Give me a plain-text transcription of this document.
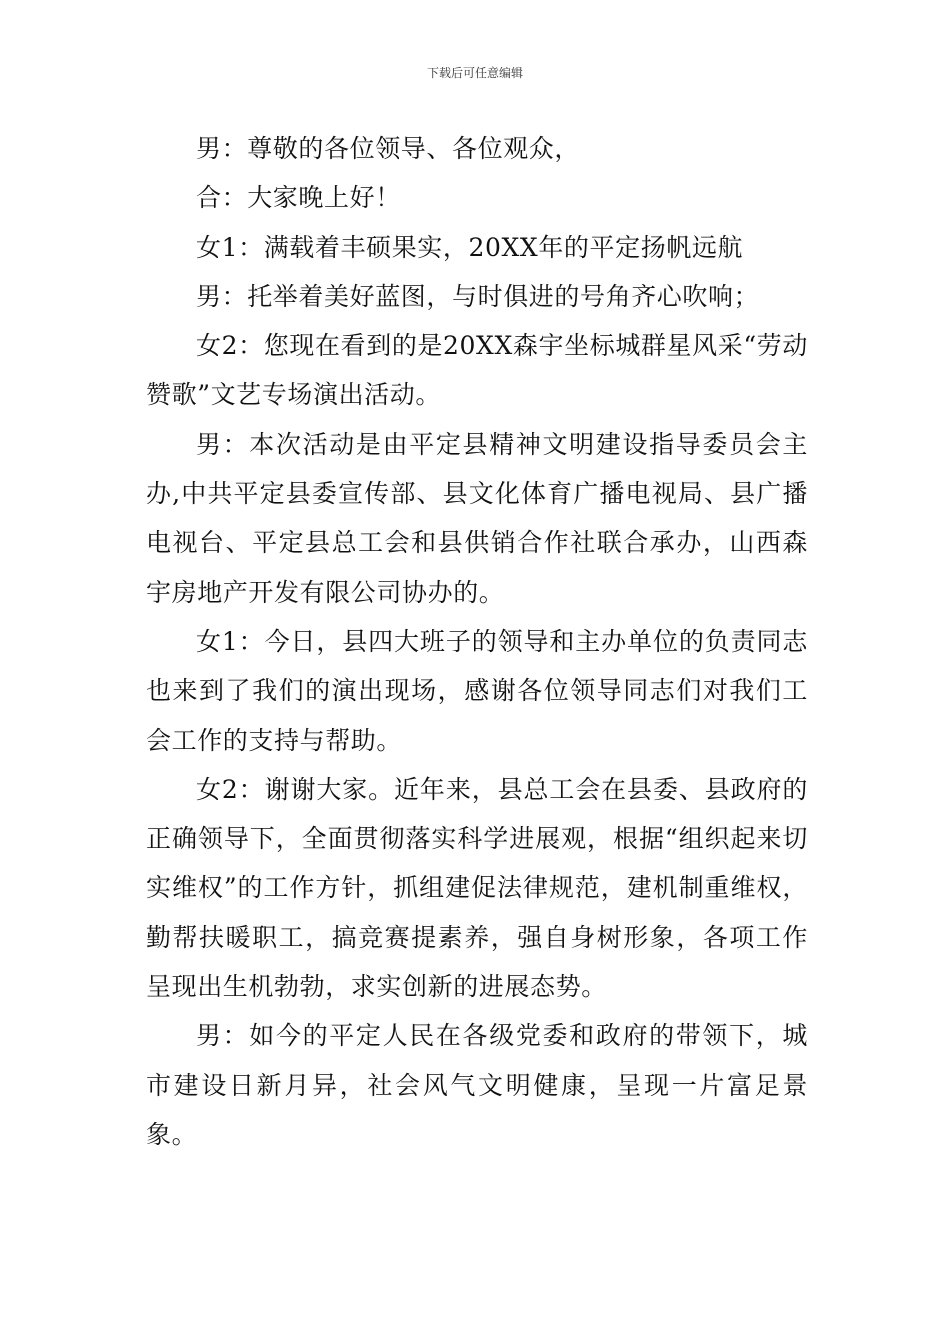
下载后可任意编辑

男：尊敬的各位领导、各位观众，

合：大家晚上好！

女1：满载着丰硕果实，20XX年的平定扬帆远航

男：托举着美好蓝图，与时俱进的号角齐心吹响；

女2：您现在看到的是20XX森宇坐标城群星风采“劳动赞歌”文艺专场演出活动。

男：本次活动是由平定县精神文明建设指导委员会主办,中共平定县委宣传部、县文化体育广播电视局、县广播电视台、平定县总工会和县供销合作社联合承办，山西森宇房地产开发有限公司协办的。

女1：今日，县四大班子的领导和主办单位的负责同志也来到了我们的演出现场，感谢各位领导同志们对我们工会工作的支持与帮助。

女2：谢谢大家。近年来，县总工会在县委、县政府的正确领导下，全面贯彻落实科学进展观，根据“组织起来切实维权”的工作方针，抓组建促法律规范，建机制重维权，勤帮扶暖职工，搞竞赛提素养，强自身树形象，各项工作呈现出生机勃勃，求实创新的进展态势。

男：如今的平定人民在各级党委和政府的带领下，城市建设日新月异，社会风气文明健康，呈现一片富足景象。
